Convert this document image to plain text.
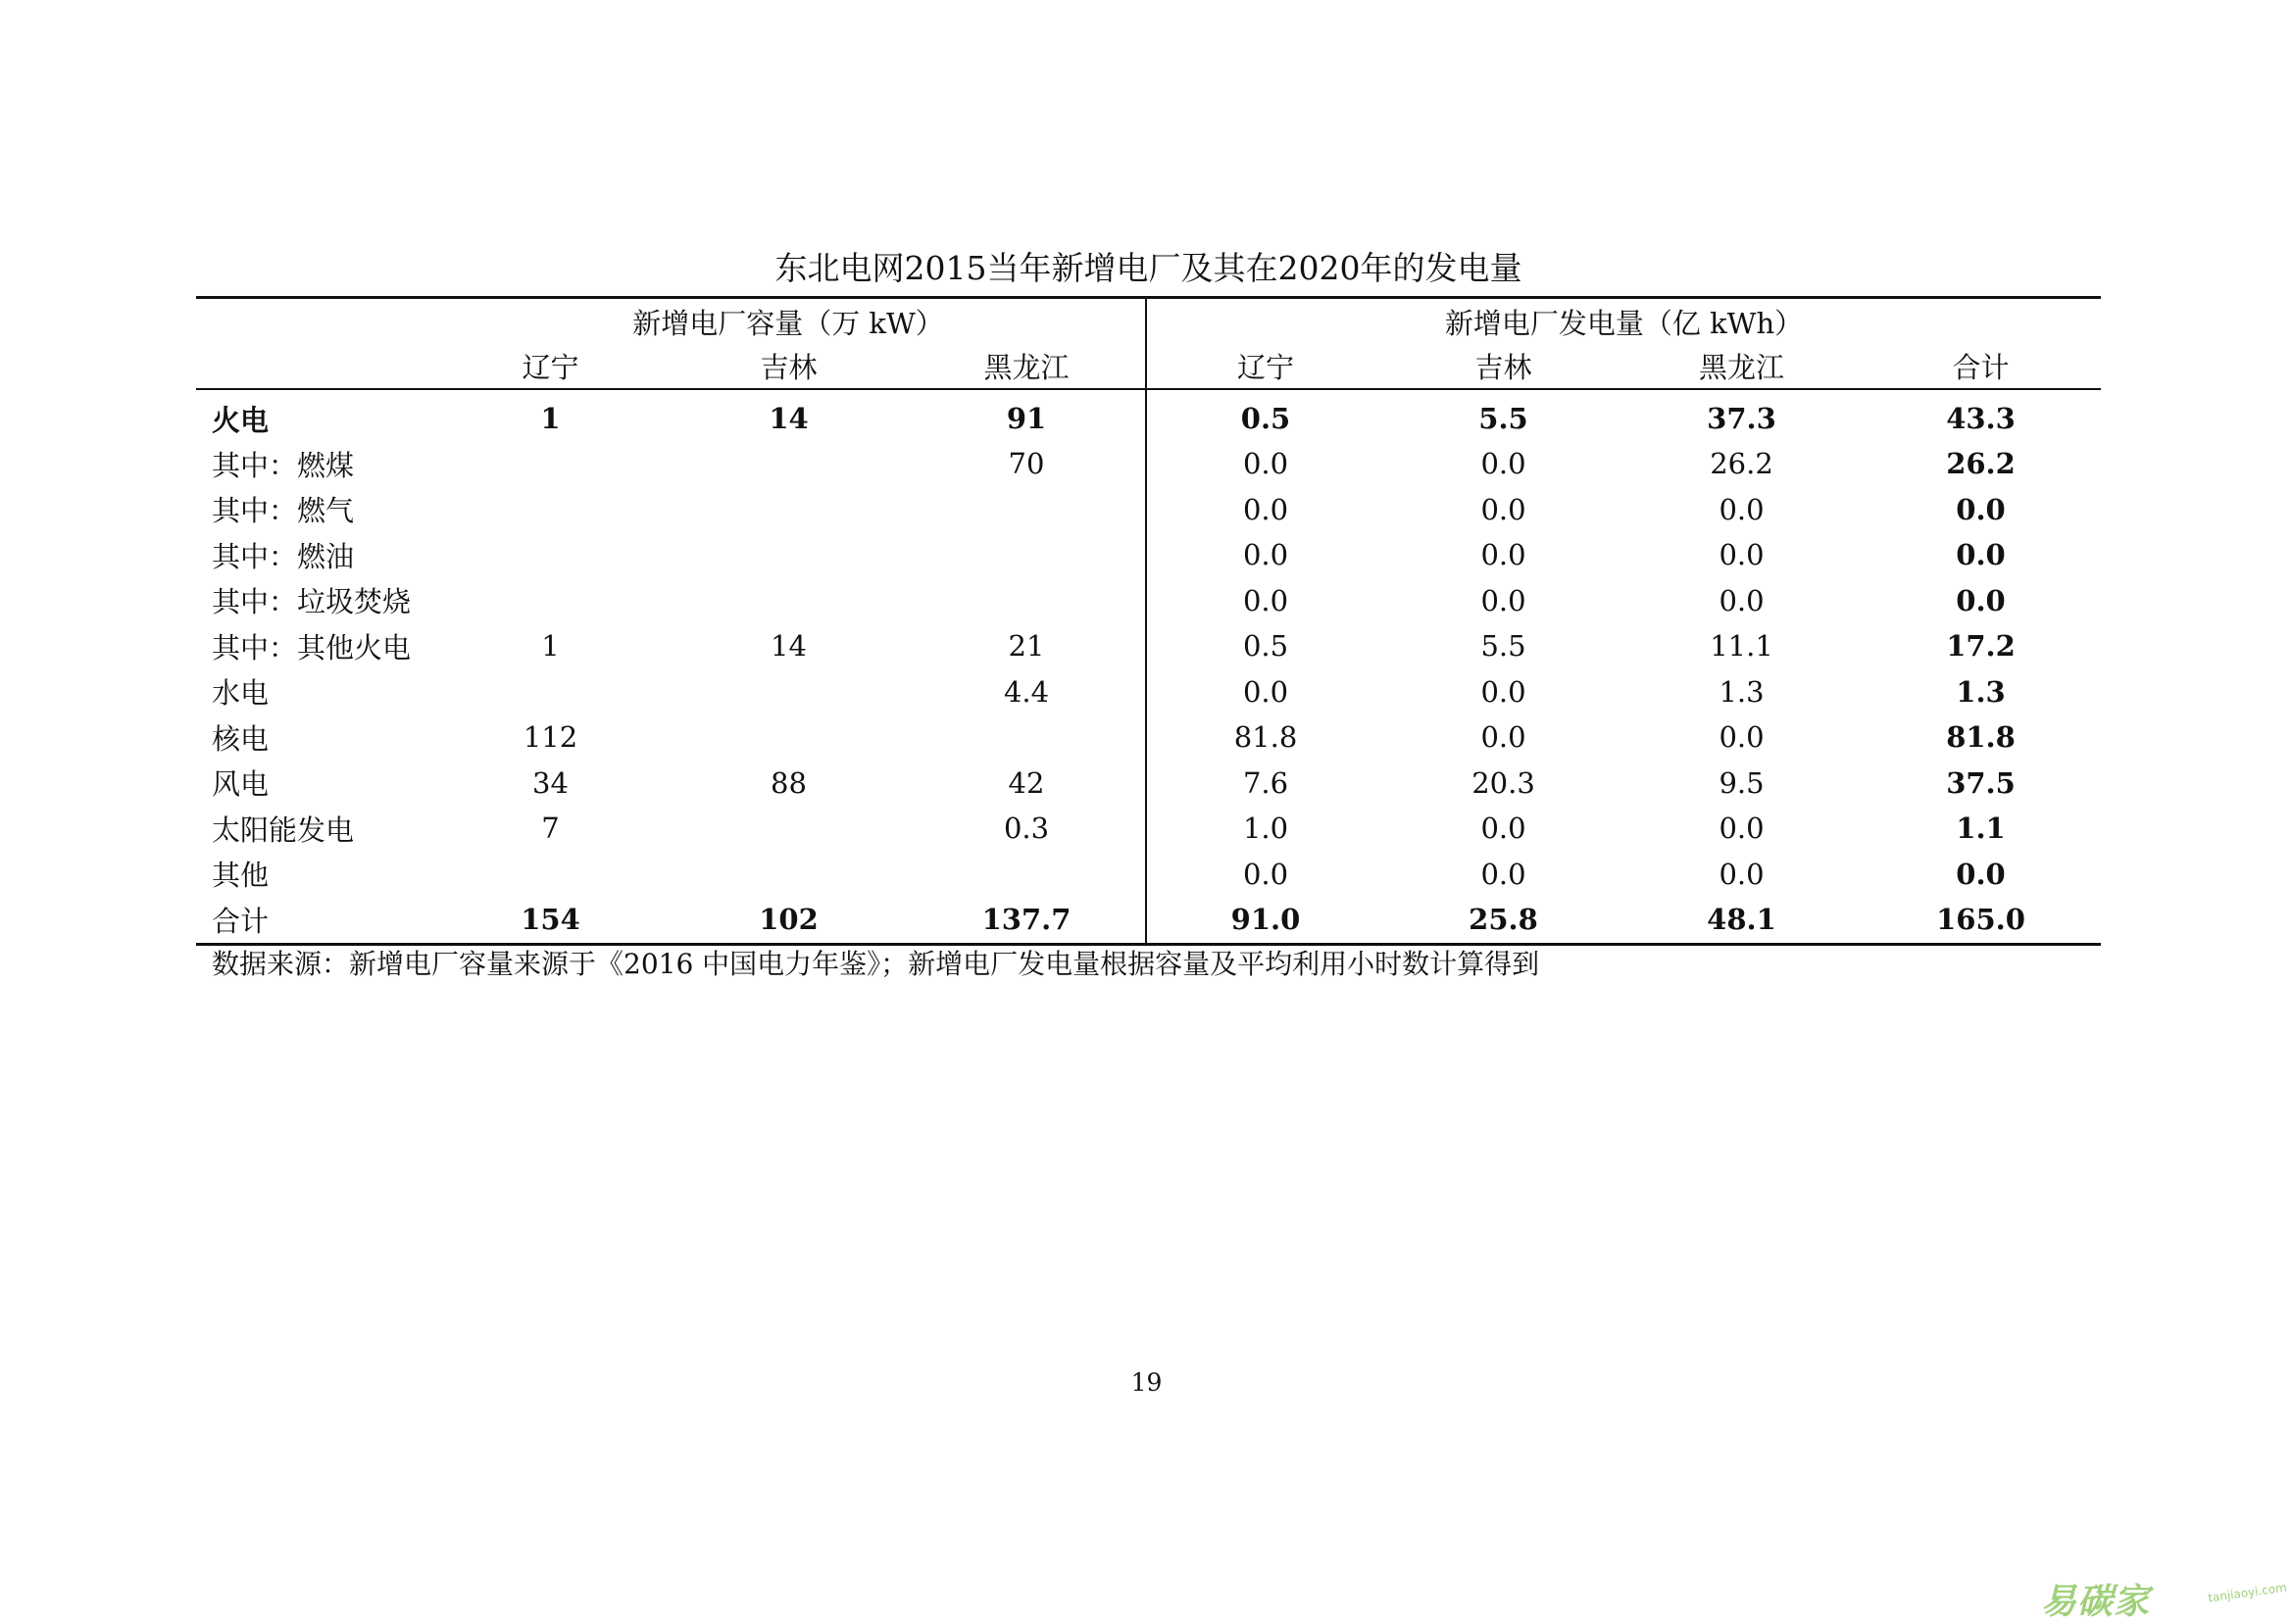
东北电网2015当年新增电厂及其在2020年的发电量
	新增电厂容量（万 kW）			新增电厂发电量（亿 kWh）			
	辽宁	吉林	黑龙江	辽宁	吉林	黑龙江	合计
火电	1	14	91	0.5	5.5	37.3	43.3
其中：燃煤			70	0.0	0.0	26.2	26.2
其中：燃气				0.0	0.0	0.0	0.0
其中：燃油				0.0	0.0	0.0	0.0
其中：垃圾焚烧				0.0	0.0	0.0	0.0
其中：其他火电	1	14	21	0.5	5.5	11.1	17.2
水电			4.4	0.0	0.0	1.3	1.3
核电	112			81.8	0.0	0.0	81.8
风电	34	88	42	7.6	20.3	9.5	37.5
太阳能发电	7		0.3	1.0	0.0	0.0	1.1
其他				0.0	0.0	0.0	0.0
合计	154	102	137.7	91.0	25.8	48.1	165.0
数据来源：新增电厂容量来源于《2016 中国电力年鉴》；新增电厂发电量根据容量及平均利用小时数计算得到
19
易碳家	tanjiaoyi.com
